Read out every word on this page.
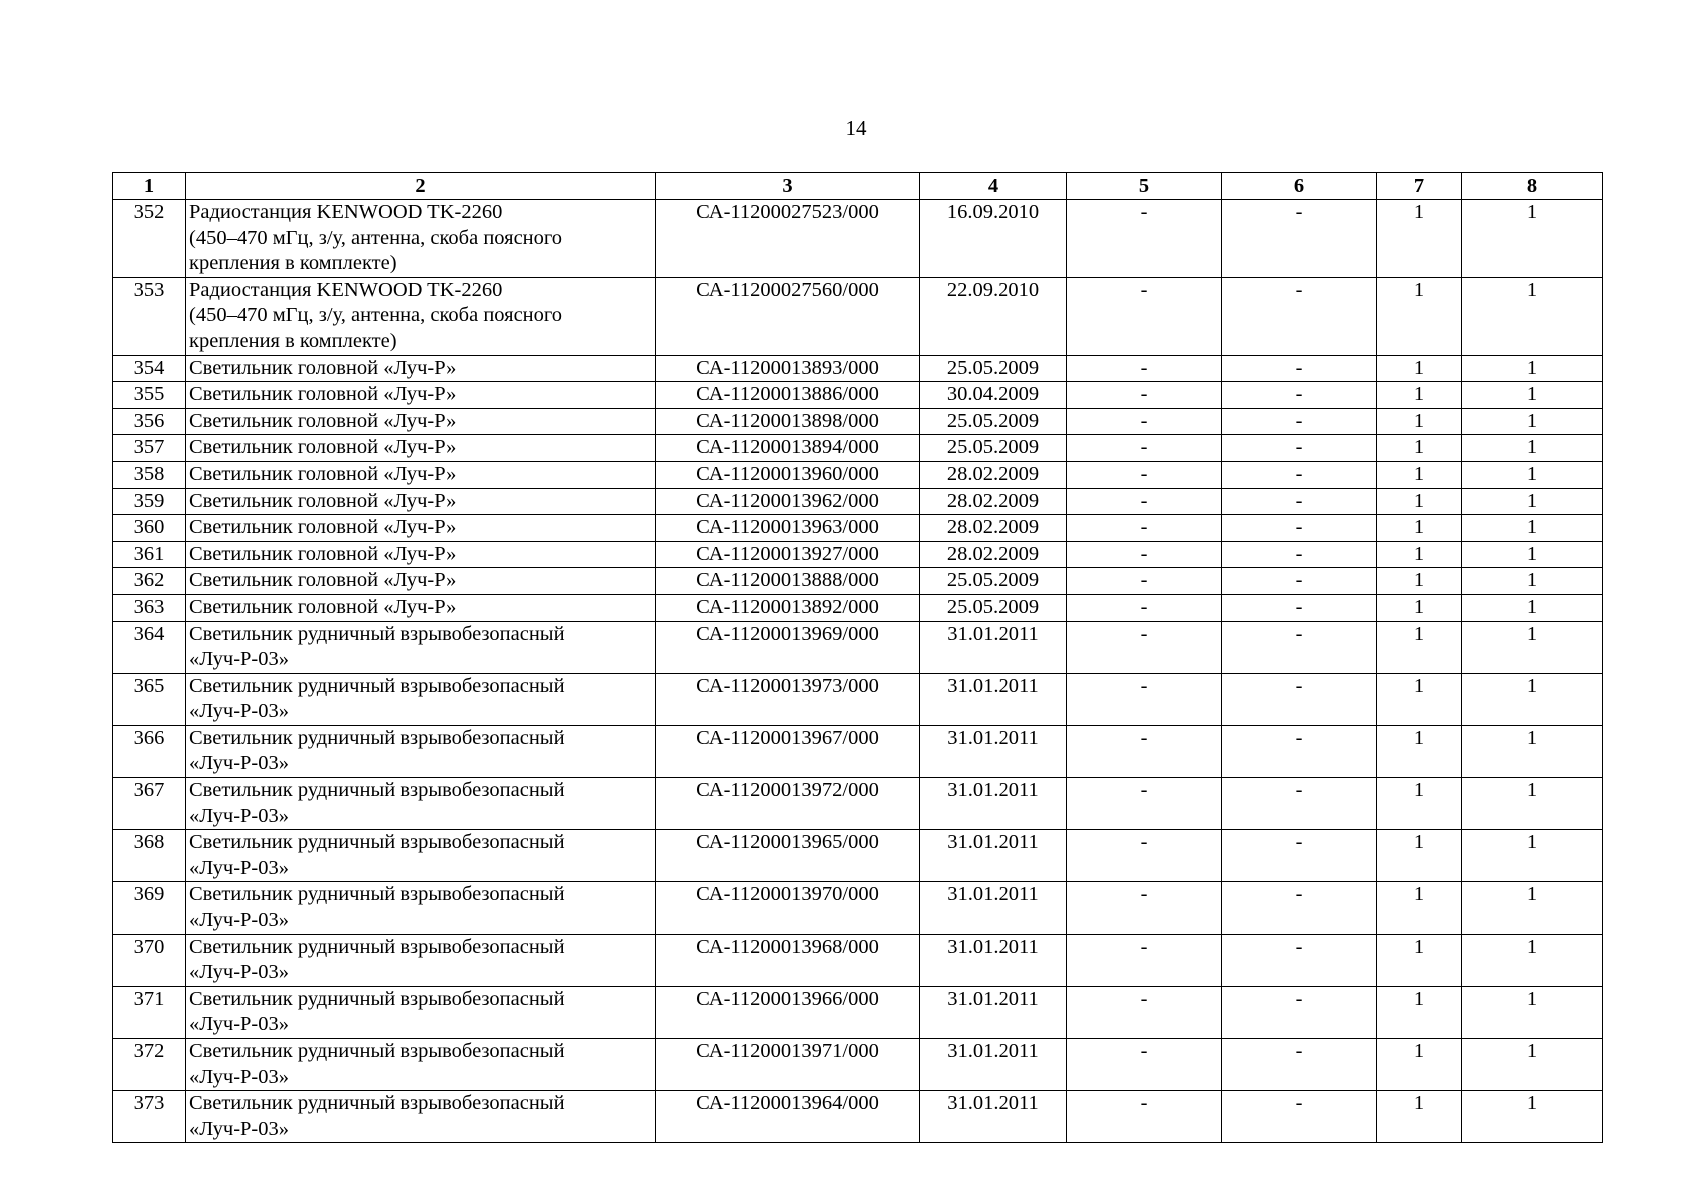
14
1	2	3	4	5	6	7	8
352	Радиостанция KENWOOD TK-2260
(450–470 мГц, з/у, антенна, скоба поясного
крепления в комплекте)	СА-11200027523/000	16.09.2010	-	-	1	1
353	Радиостанция KENWOOD TK-2260
(450–470 мГц, з/у, антенна, скоба поясного
крепления в комплекте)	СА-11200027560/000	22.09.2010	-	-	1	1
354	Светильник головной «Луч-Р»	СА-11200013893/000	25.05.2009	-	-	1	1
355	Светильник головной «Луч-Р»	СА-11200013886/000	30.04.2009	-	-	1	1
356	Светильник головной «Луч-Р»	СА-11200013898/000	25.05.2009	-	-	1	1
357	Светильник головной «Луч-Р»	СА-11200013894/000	25.05.2009	-	-	1	1
358	Светильник головной «Луч-Р»	СА-11200013960/000	28.02.2009	-	-	1	1
359	Светильник головной «Луч-Р»	СА-11200013962/000	28.02.2009	-	-	1	1
360	Светильник головной «Луч-Р»	СА-11200013963/000	28.02.2009	-	-	1	1
361	Светильник головной «Луч-Р»	СА-11200013927/000	28.02.2009	-	-	1	1
362	Светильник головной «Луч-Р»	СА-11200013888/000	25.05.2009	-	-	1	1
363	Светильник головной «Луч-Р»	СА-11200013892/000	25.05.2009	-	-	1	1
364	Светильник рудничный взрывобезопасный
«Луч-Р-03»	СА-11200013969/000	31.01.2011	-	-	1	1
365	Светильник рудничный взрывобезопасный
«Луч-Р-03»	СА-11200013973/000	31.01.2011	-	-	1	1
366	Светильник рудничный взрывобезопасный
«Луч-Р-03»	СА-11200013967/000	31.01.2011	-	-	1	1
367	Светильник рудничный взрывобезопасный
«Луч-Р-03»	СА-11200013972/000	31.01.2011	-	-	1	1
368	Светильник рудничный взрывобезопасный
«Луч-Р-03»	СА-11200013965/000	31.01.2011	-	-	1	1
369	Светильник рудничный взрывобезопасный
«Луч-Р-03»	СА-11200013970/000	31.01.2011	-	-	1	1
370	Светильник рудничный взрывобезопасный
«Луч-Р-03»	СА-11200013968/000	31.01.2011	-	-	1	1
371	Светильник рудничный взрывобезопасный
«Луч-Р-03»	СА-11200013966/000	31.01.2011	-	-	1	1
372	Светильник рудничный взрывобезопасный
«Луч-Р-03»	СА-11200013971/000	31.01.2011	-	-	1	1
373	Светильник рудничный взрывобезопасный
«Луч-Р-03»	СА-11200013964/000	31.01.2011	-	-	1	1
